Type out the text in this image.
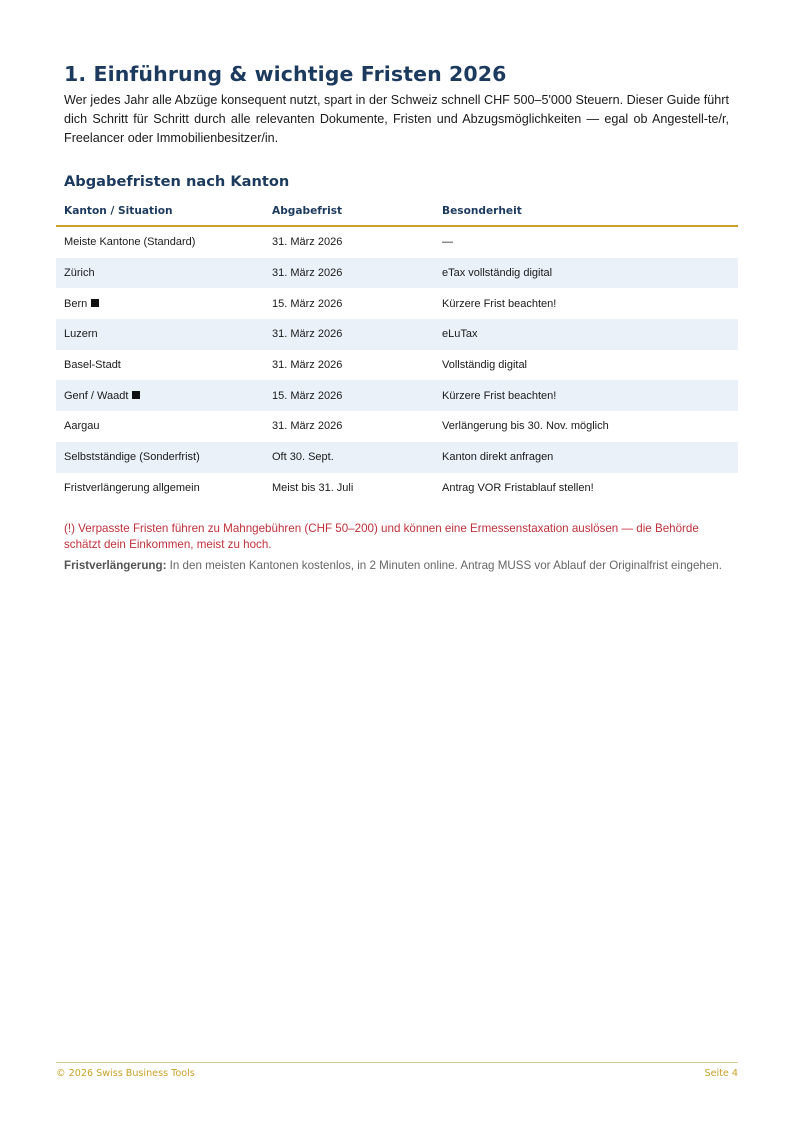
1. Einführung & wichtige Fristen 2026

Wer jedes Jahr alle Abzüge konsequent nutzt, spart in der Schweiz schnell CHF 500–5'000 Steuern. Dieser Guide führt dich Schritt für Schritt durch alle relevanten Dokumente, Fristen und Abzugsmöglichkeiten — egal ob Angestell-te/r, Freelancer oder Immobilienbesitzer/in.

Abgabefristen nach Kanton
Kanton / Situation	Abgabefrist	Besonderheit
Meiste Kantone (Standard)	31. März 2026	—
Zürich	31. März 2026	eTax vollständig digital
Bern	15. März 2026	Kürzere Frist beachten!
Luzern	31. März 2026	eLuTax
Basel-Stadt	31. März 2026	Vollständig digital
Genf / Waadt	15. März 2026	Kürzere Frist beachten!
Aargau	31. März 2026	Verlängerung bis 30. Nov. möglich
Selbstständige (Sonderfrist)	Oft 30. Sept.	Kanton direkt anfragen
Fristverlängerung allgemein	Meist bis 31. Juli	Antrag VOR Fristablauf stellen!

(!) Verpasste Fristen führen zu Mahngebühren (CHF 50–200) und können eine Ermessenstaxation auslösen — die Behörde schätzt dein Einkommen, meist zu hoch.

Fristverlängerung: In den meisten Kantonen kostenlos, in 2 Minuten online. Antrag MUSS vor Ablauf der Originalfrist eingehen.

© 2026 Swiss Business Tools	Seite 4
